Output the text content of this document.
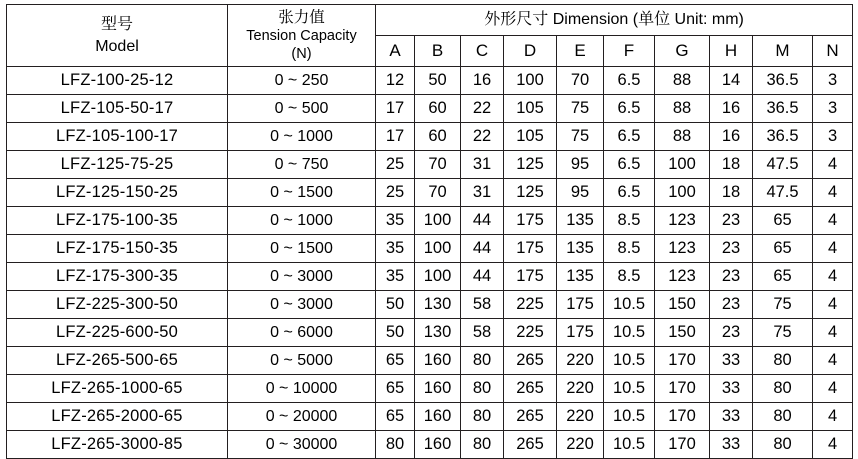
型号
Model

张力值
Tension Capacity
(N)
	外形尺寸 Dimension (单位 Unit: mm)
		A	B	C	D	E	F	G	H	M	N
LFZ-100-25-12	0 ~ 250	12	50	16	100	70	6.5	88	14	36.5	3
LFZ-105-50-17	0 ~ 500	17	60	22	105	75	6.5	88	16	36.5	3
LFZ-105-100-17	0 ~ 1000	17	60	22	105	75	6.5	88	16	36.5	3
LFZ-125-75-25	0 ~ 750	25	70	31	125	95	6.5	100	18	47.5	4
LFZ-125-150-25	0 ~ 1500	25	70	31	125	95	6.5	100	18	47.5	4
LFZ-175-100-35	0 ~ 1000	35	100	44	175	135	8.5	123	23	65	4
LFZ-175-150-35	0 ~ 1500	35	100	44	175	135	8.5	123	23	65	4
LFZ-175-300-35	0 ~ 3000	35	100	44	175	135	8.5	123	23	65	4
LFZ-225-300-50	0 ~ 3000	50	130	58	225	175	10.5	150	23	75	4
LFZ-225-600-50	0 ~ 6000	50	130	58	225	175	10.5	150	23	75	4
LFZ-265-500-65	0 ~ 5000	65	160	80	265	220	10.5	170	33	80	4
LFZ-265-1000-65	0 ~ 10000	65	160	80	265	220	10.5	170	33	80	4
LFZ-265-2000-65	0 ~ 20000	65	160	80	265	220	10.5	170	33	80	4
LFZ-265-3000-85	0 ~ 30000	80	160	80	265	220	10.5	170	33	80	4
